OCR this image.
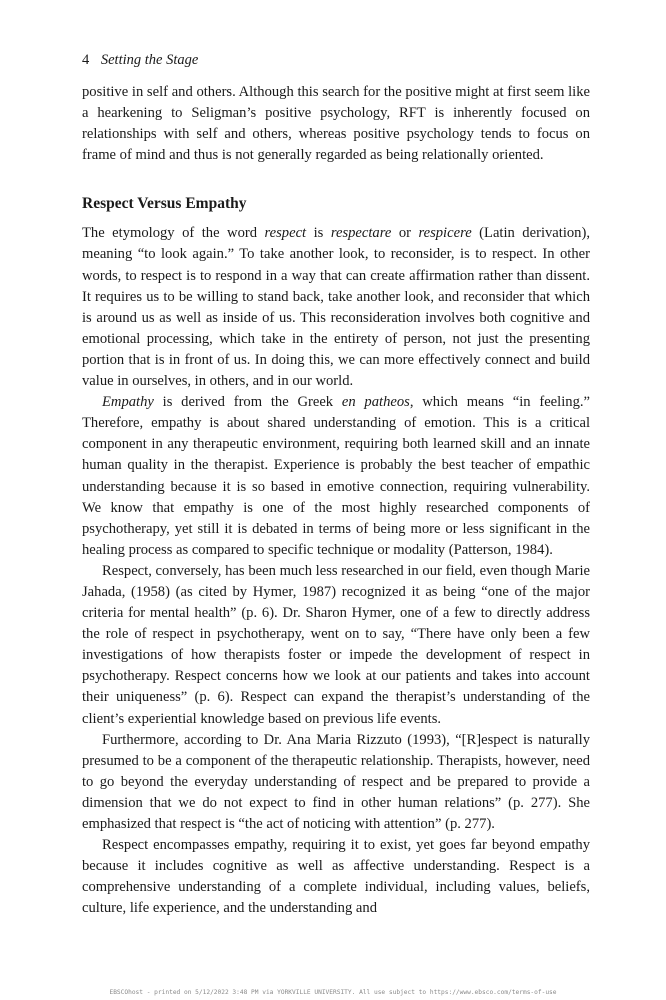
4 Setting the Stage

positive in self and others. Although this search for the positive might at first seem like a hearkening to Seligman’s positive psychology, RFT is inherently focused on relationships with self and others, whereas positive psychology tends to focus on frame of mind and thus is not generally regarded as being relationally oriented.

Respect Versus Empathy

The etymology of the word respect is respectare or respicere (Latin derivation), meaning “to look again.” To take another look, to reconsider, is to respect. In other words, to respect is to respond in a way that can create affirmation rather than dissent. It requires us to be willing to stand back, take another look, and reconsider that which is around us as well as inside of us. This reconsideration involves both cognitive and emotional processing, which take in the entirety of person, not just the presenting portion that is in front of us. In doing this, we can more effectively connect and build value in ourselves, in others, and in our world.

Empathy is derived from the Greek en patheos, which means “in feeling.” Therefore, empathy is about shared understanding of emotion. This is a critical component in any therapeutic environment, requiring both learned skill and an innate human quality in the therapist. Experience is probably the best teacher of empathic understanding because it is so based in emotive connection, requiring vulnerability. We know that empathy is one of the most highly researched components of psychotherapy, yet still it is debated in terms of being more or less significant in the healing process as compared to specific technique or modality (Patterson, 1984).

Respect, conversely, has been much less researched in our field, even though Marie Jahada, (1958) (as cited by Hymer, 1987) recognized it as being “one of the major criteria for mental health” (p. 6). Dr. Sharon Hymer, one of a few to directly address the role of respect in psychotherapy, went on to say, “There have only been a few investigations of how therapists foster or impede the development of respect in psychotherapy. Respect concerns how we look at our patients and takes into account their uniqueness” (p. 6). Respect can expand the therapist’s understanding of the client’s experiential knowledge based on previous life events.

Furthermore, according to Dr. Ana Maria Rizzuto (1993), “[R]espect is naturally presumed to be a component of the therapeutic relationship. Therapists, however, need to go beyond the everyday understanding of respect and be prepared to provide a dimension that we do not expect to find in other human relations” (p. 277). She emphasized that respect is “the act of noticing with attention” (p. 277).

Respect encompasses empathy, requiring it to exist, yet goes far beyond empathy because it includes cognitive as well as affective understanding. Respect is a comprehensive understanding of a complete individual, including values, beliefs, culture, life experience, and the understanding and

EBSCOhost - printed on 5/12/2022 3:48 PM via YORKVILLE UNIVERSITY. All use subject to https://www.ebsco.com/terms-of-use
